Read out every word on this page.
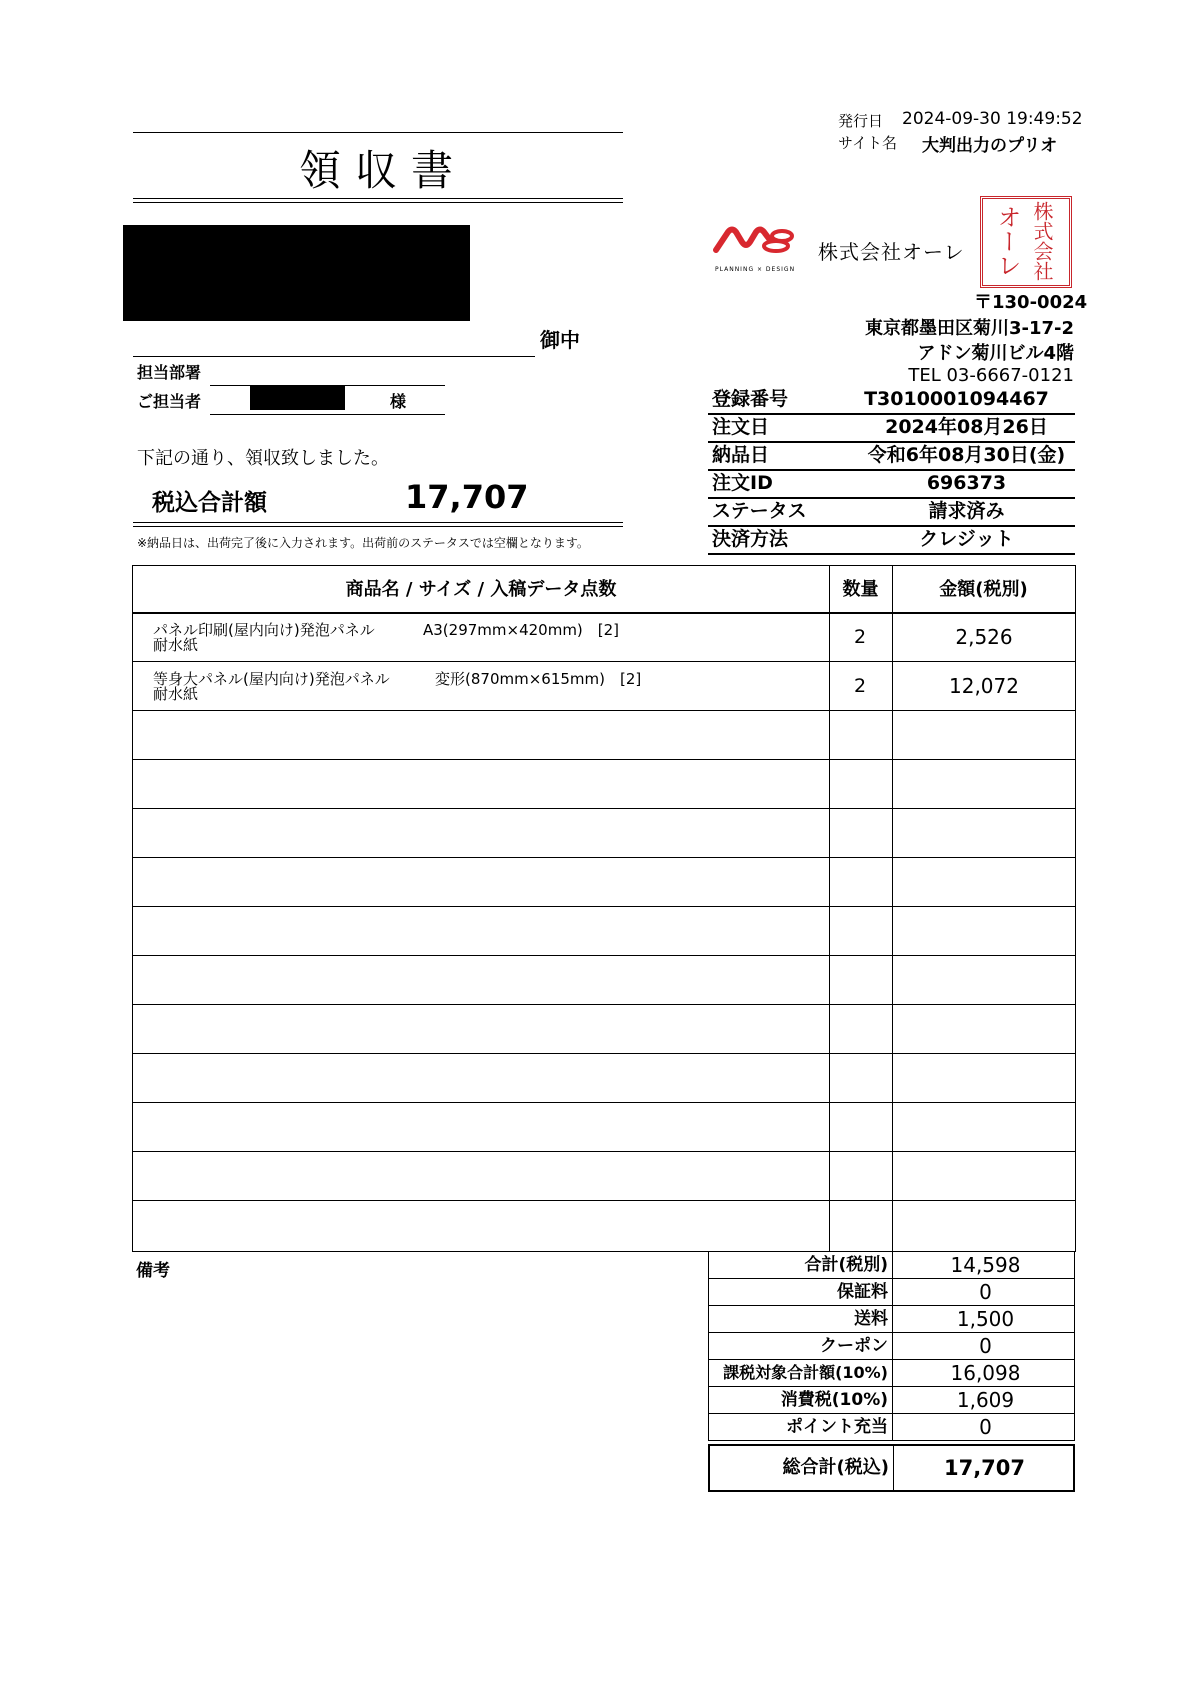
発行日 2024-09-30 19:49:52
サイト名 大判出力のプリオ
領収書
御中
担当部署
ご担当者	様
下記の通り、領収致しました。
税込合計額	17,707
※納品日は、出荷完了後に入力されます。出荷前のステータスでは空欄となります。
PLANNING × DESIGN
株式会社オーレ	株式会社
オーレ
〒130-0024
東京都墨田区菊川3-17-2
アドン菊川ビル4階
TEL 03-6667-0121
登録番号	T3010001094467
注文日	2024年08月26日
納品日	令和6年08月30日(金)
注文ID	696373
ステータス	請求済み
決済方法	クレジット
商品名 / サイズ / 入稿データ点数	数量	金額(税別)
パネル印刷(屋内向け)発泡パネル
耐水紙
A3(297mm×420mm)　[2]	2	2,526
等身大パネル(屋内向け)発泡パネル
耐水紙
変形(870mm×615mm)　[2]	2	12,072
備考	合計(税別)	14,598
保証料	0
送料	1,500
クーポン	0
課税対象合計額(10%)	16,098
消費税(10%)	1,609
ポイント充当	0
総合計(税込)	17,707
